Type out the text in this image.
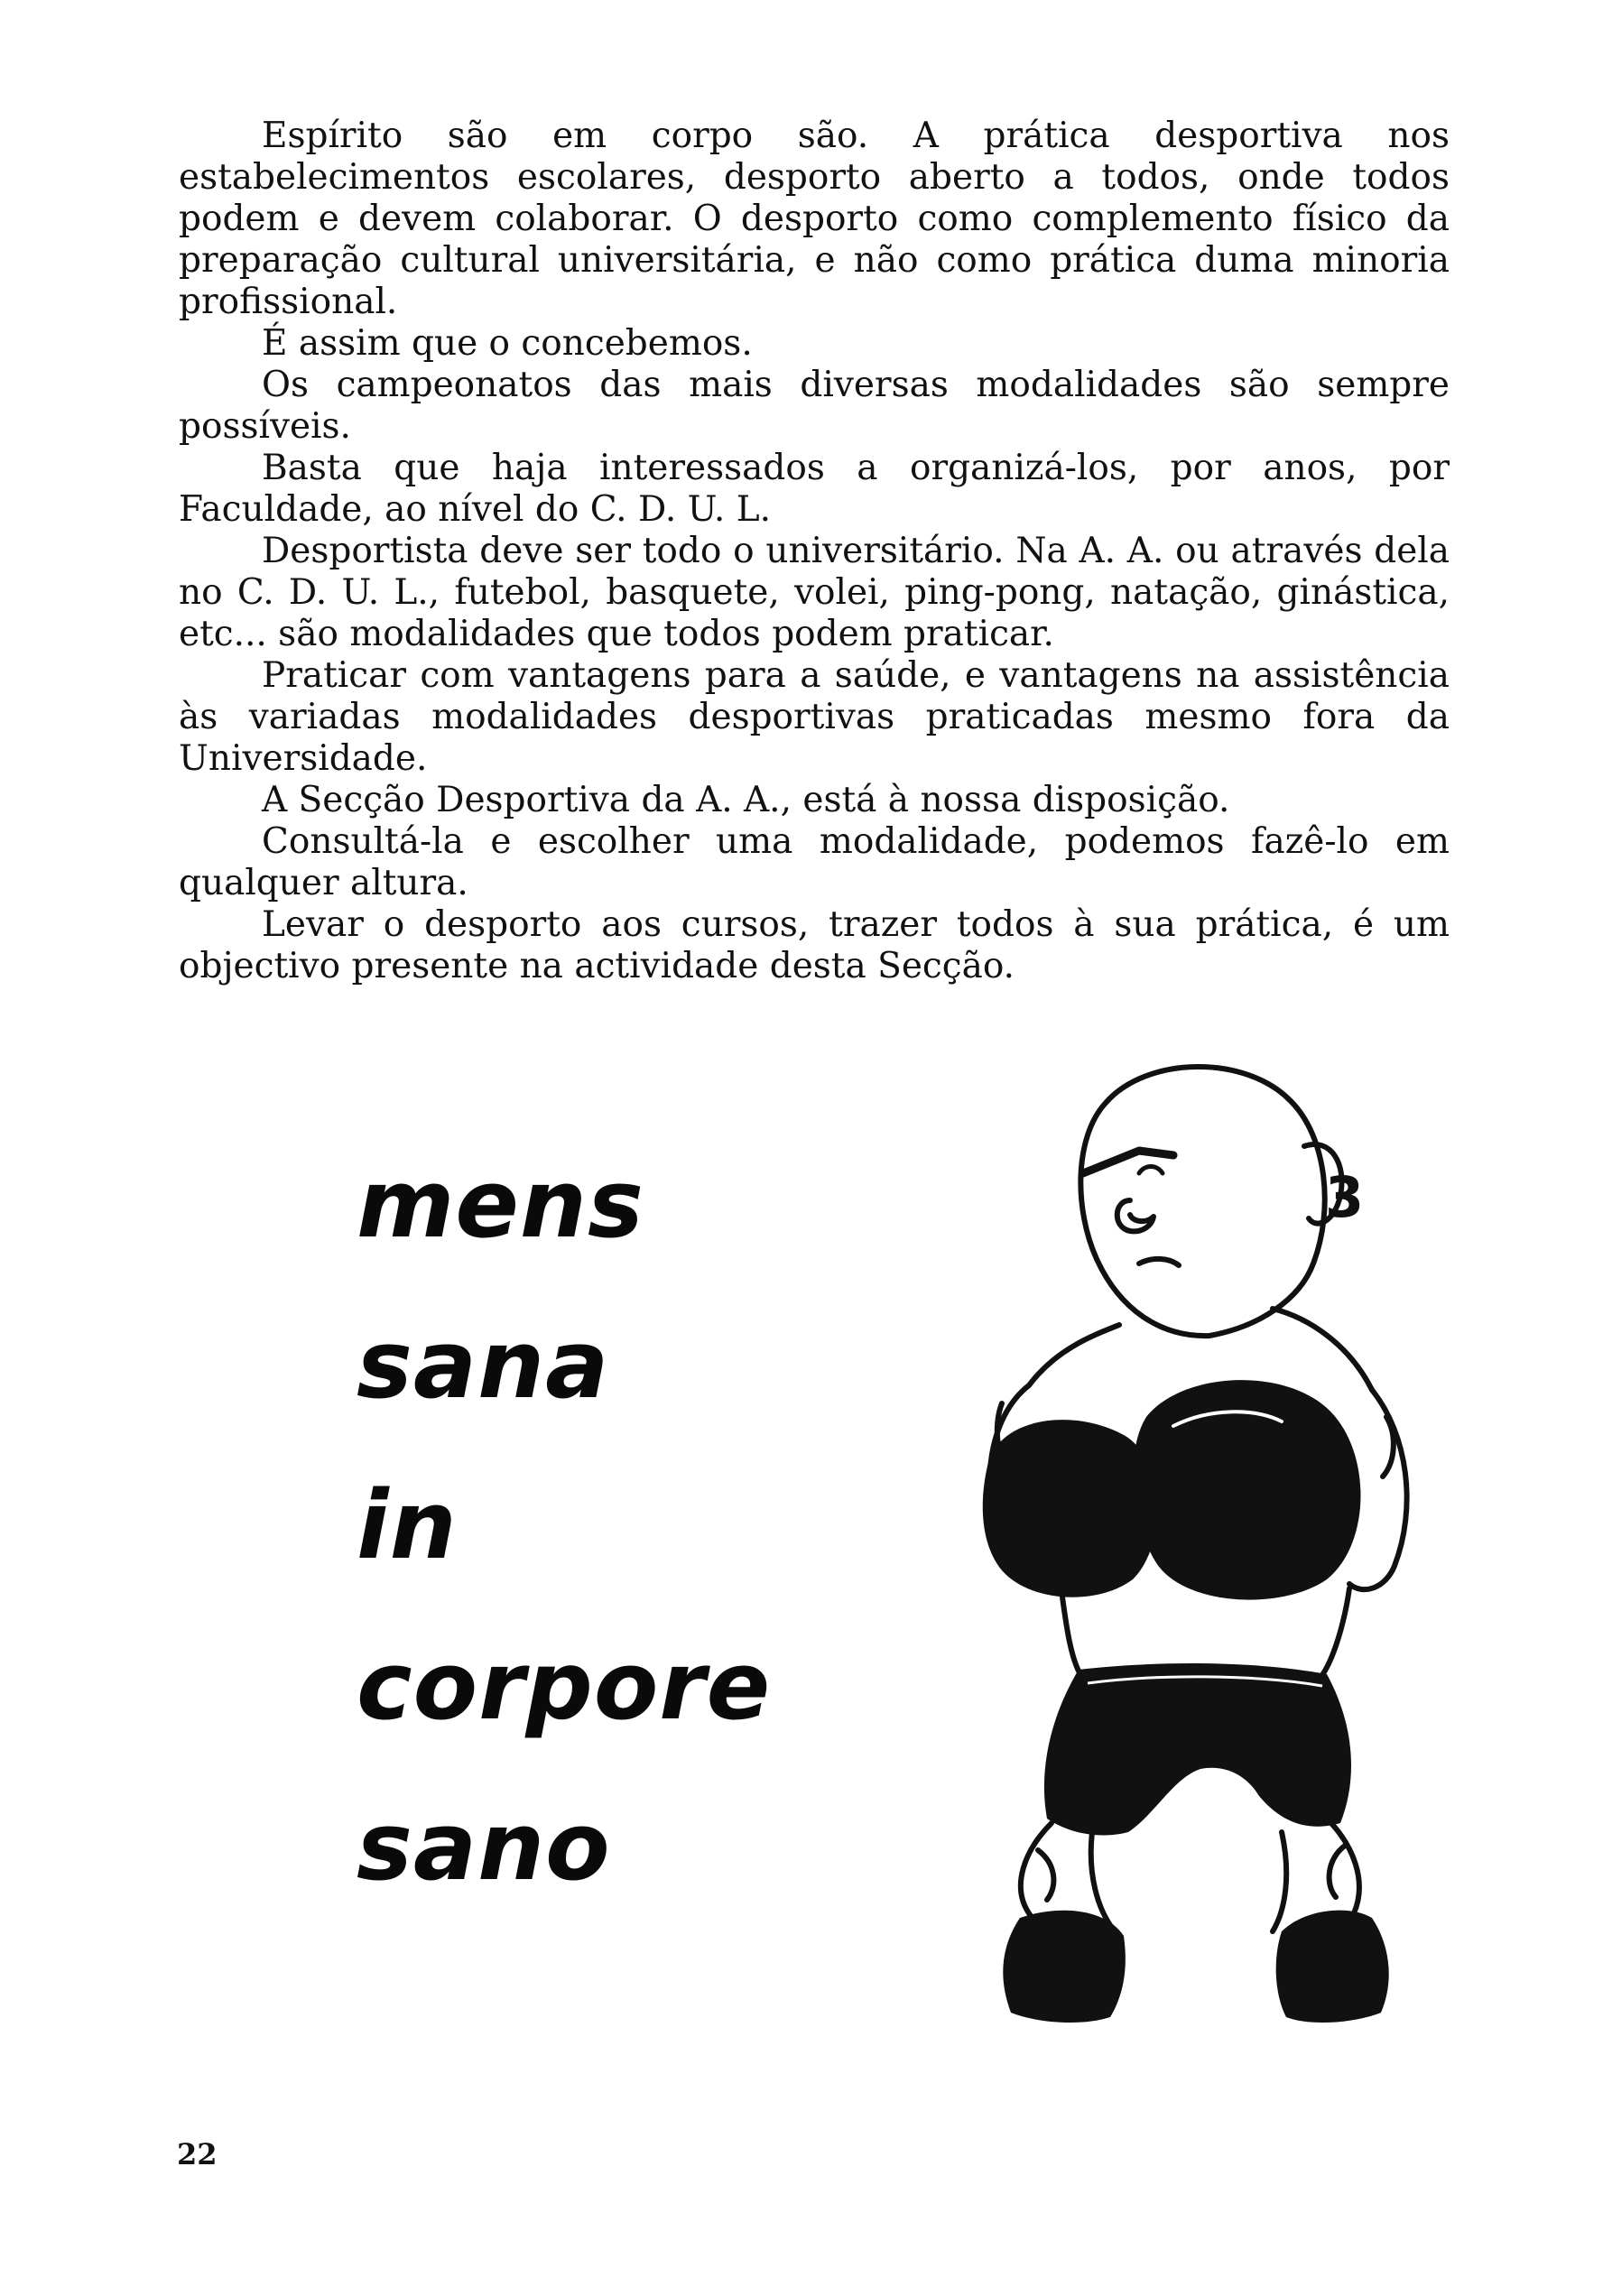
Espírito são em corpo são. A prática desportiva nos estabelecimentos escolares, desporto aberto a todos, onde todos podem e devem colaborar. O desporto como complemento físico da preparação cultural universitária, e não como prática duma minoria profissional.

É assim que o concebemos.

Os campeonatos das mais diversas modalidades são sempre possíveis.

Basta que haja interessados a organizá-los, por anos, por Faculdade, ao nível do C. D. U. L.

Desportista deve ser todo o universitário. Na A. A. ou através dela no C. D. U. L., futebol, basquete, volei, ping-pong, natação, ginástica, etc... são modalidades que todos podem praticar.

Praticar com vantagens para a saúde, e vantagens na assistência às variadas modalidades desportivas praticadas mesmo fora da Universidade.

A Secção Desportiva da A. A., está à nossa disposição.

Consultá-la e escolher uma modalidade, podemos fazê-lo em qualquer altura.

Levar o desporto aos cursos, trazer todos à sua prática, é um objectivo presente na actividade desta Secção.

mens
sana
in
corpore
sano
3
22
